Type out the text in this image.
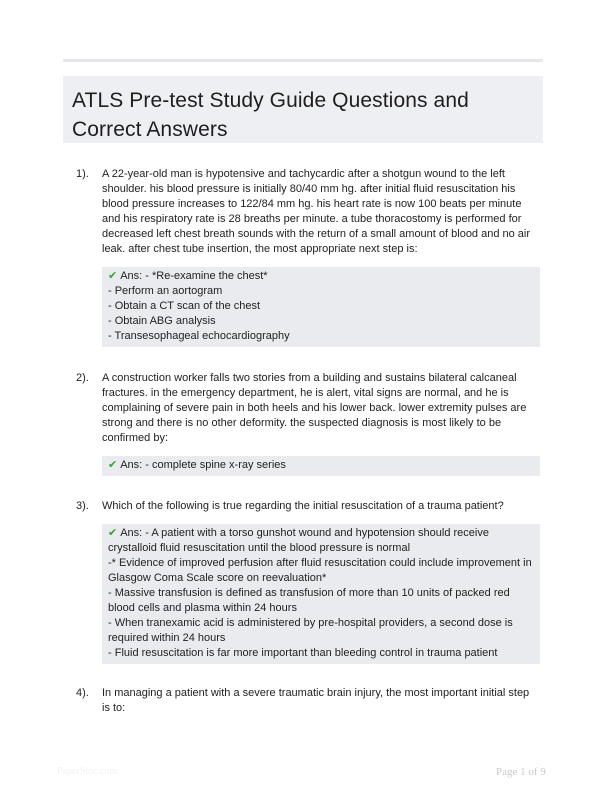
ATLS Pre-test Study Guide Questions and Correct Answers
1).	A 22-year-old man is hypotensive and tachycardic after a shotgun wound to the left shoulder. his blood pressure is initially 80/40 mm hg. after initial fluid resuscitation his blood pressure increases to 122/84 mm hg. his heart rate is now 100 beats per minute and his respiratory rate is 28 breaths per minute. a tube thoracostomy is performed for decreased left chest breath sounds with the return of a small amount of blood and no air leak. after chest tube insertion, the most appropriate next step is:
✔ Ans: - *Re-examine the chest*
- Perform an aortogram
- Obtain a CT scan of the chest
- Obtain ABG analysis
- Transesophageal echocardiography
2).	A construction worker falls two stories from a building and sustains bilateral calcaneal fractures. in the emergency department, he is alert, vital signs are normal, and he is complaining of severe pain in both heels and his lower back. lower extremity pulses are strong and there is no other deformity. the suspected diagnosis is most likely to be confirmed by:
✔ Ans: - complete spine x-ray series
3).	Which of the following is true regarding the initial resuscitation of a trauma patient?
✔ Ans: - A patient with a torso gunshot wound and hypotension should receive crystalloid fluid resuscitation until the blood pressure is normal
-* Evidence of improved perfusion after fluid resuscitation could include improvement in Glasgow Coma Scale score on reevaluation*
- Massive transfusion is defined as transfusion of more than 10 units of packed red blood cells and plasma within 24 hours
- When tranexamic acid is administered by pre-hospital providers, a second dose is required within 24 hours
- Fluid resuscitation is far more important than bleeding control in trauma patient
4).	In managing a patient with a severe traumatic brain injury, the most important initial step is to:
PaperStoc.com	Page 1 of 9
